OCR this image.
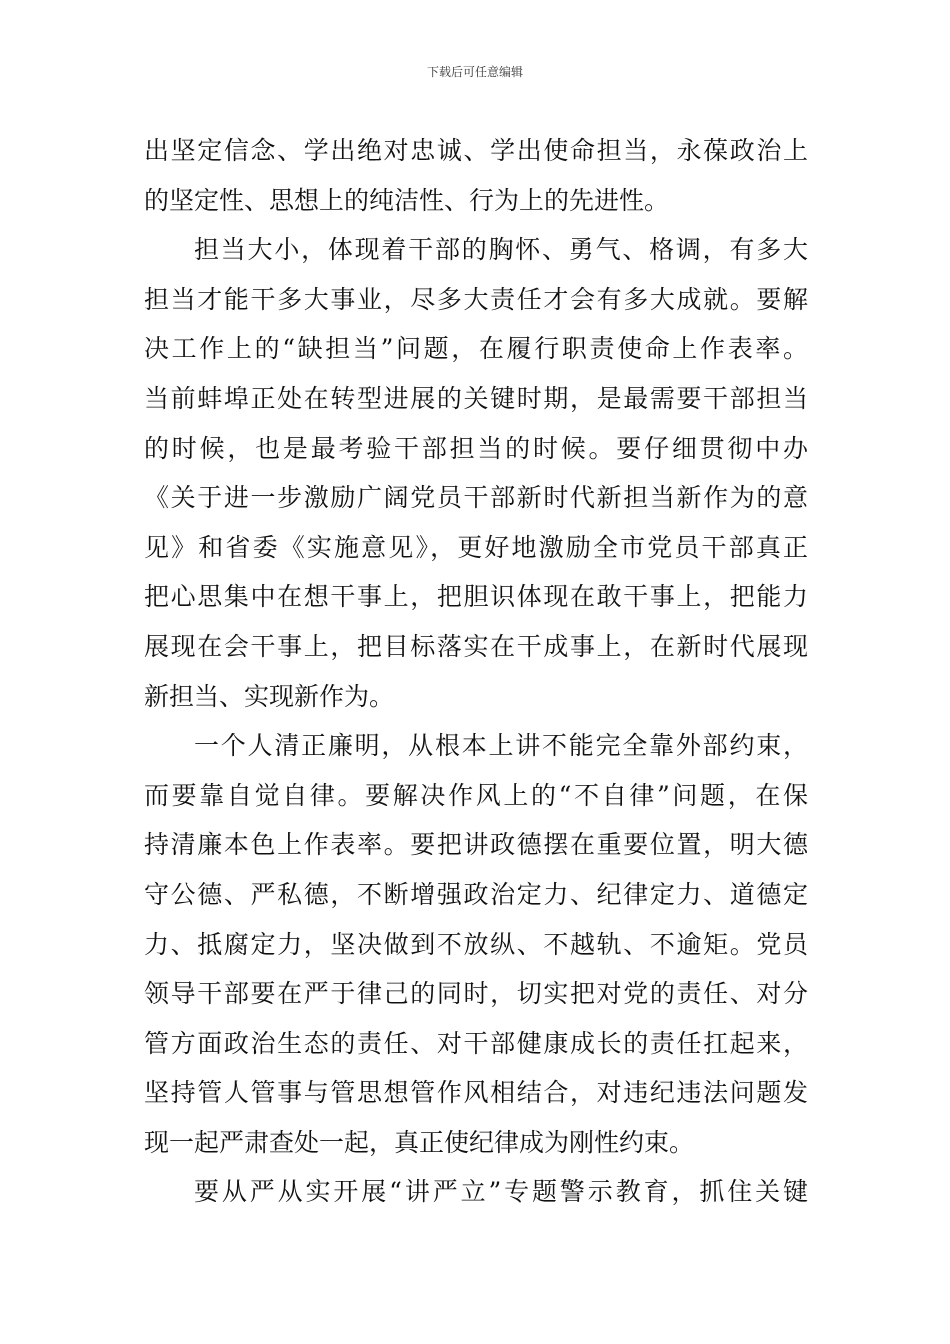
下载后可任意编辑
出坚定信念、学出绝对忠诚、学出使命担当，永葆政治上
的坚定性、思想上的纯洁性、行为上的先进性。
担当大小，体现着干部的胸怀、勇气、格调，有多大
担当才能干多大事业，尽多大责任才会有多大成就。要解
决工作上的“缺担当”问题，在履行职责使命上作表率。
当前蚌埠正处在转型进展的关键时期，是最需要干部担当
的时候，也是最考验干部担当的时候。要仔细贯彻中办
《关于进一步激励广阔党员干部新时代新担当新作为的意
见》和省委《实施意见》，更好地激励全市党员干部真正
把心思集中在想干事上，把胆识体现在敢干事上，把能力
展现在会干事上，把目标落实在干成事上，在新时代展现
新担当、实现新作为。
一个人清正廉明，从根本上讲不能完全靠外部约束，
而要靠自觉自律。要解决作风上的“不自律”问题，在保
持清廉本色上作表率。要把讲政德摆在重要位置，明大德
守公德、严私德，不断增强政治定力、纪律定力、道德定
力、抵腐定力，坚决做到不放纵、不越轨、不逾矩。党员
领导干部要在严于律己的同时，切实把对党的责任、对分
管方面政治生态的责任、对干部健康成长的责任扛起来，
坚持管人管事与管思想管作风相结合，对违纪违法问题发
现一起严肃查处一起，真正使纪律成为刚性约束。
要从严从实开展“讲严立”专题警示教育，抓住关键
